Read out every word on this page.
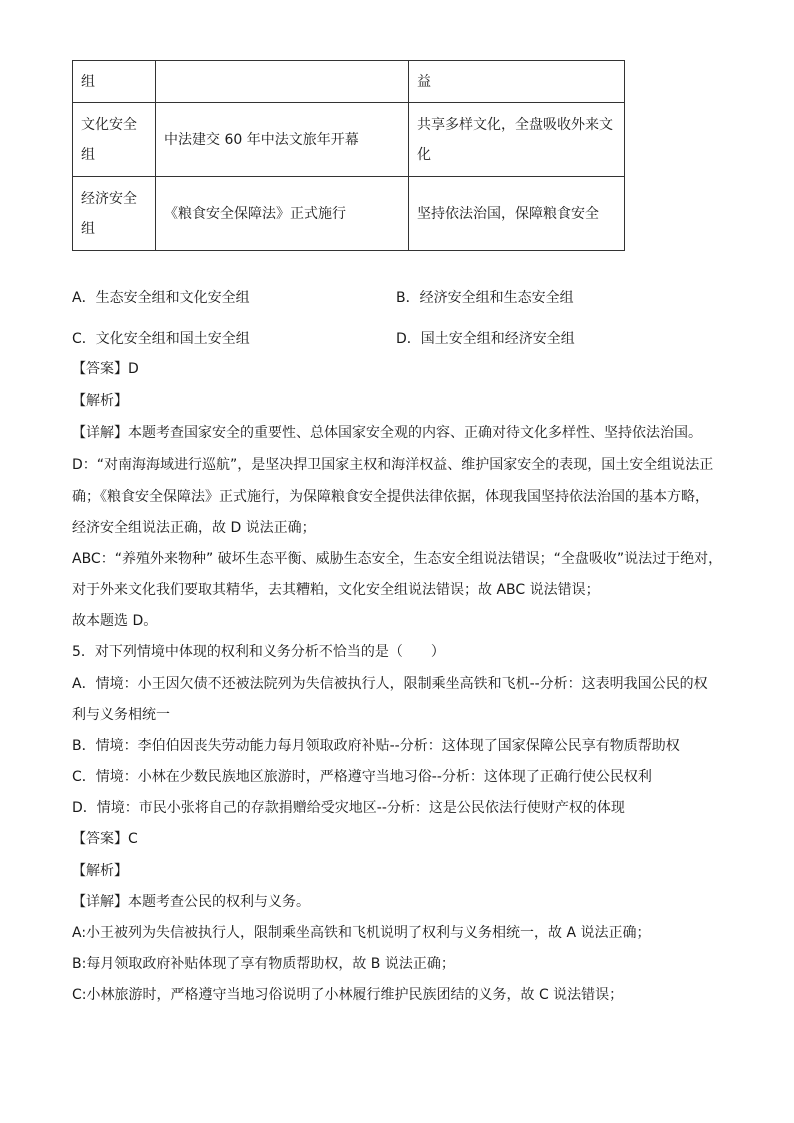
组		益
文化安全组	中法建交 60 年中法文旅年开幕	共享多样文化，全盘吸收外来文化
经济安全组	《粮食安全保障法》正式施行	坚持依法治国，保障粮食安全
A．生态安全组和文化安全组	B．经济安全组和生态安全组
C．文化安全组和国土安全组	D．国土安全组和经济安全组
【答案】D
【解析】
【详解】本题考查国家安全的重要性、总体国家安全观的内容、正确对待文化多样性、坚持依法治国。
D：“对南海海域进行巡航”，是坚决捍卫国家主权和海洋权益、维护国家安全的表现，国土安全组说法正
确；《粮食安全保障法》正式施行，为保障粮食安全提供法律依据，体现我国坚持依法治国的基本方略，
经济安全组说法正确，故 D 说法正确；
ABC：“养殖外来物种” 破坏生态平衡、威胁生态安全，生态安全组说法错误；“全盘吸收”说法过于绝对，
对于外来文化我们要取其精华，去其糟粕，文化安全组说法错误；故 ABC 说法错误；
故本题选 D。
5．对下列情境中体现的权利和义务分析不恰当的是（　　）
A．情境：小王因欠债不还被法院列为失信被执行人，限制乘坐高铁和飞机--分析：这表明我国公民的权
利与义务相统一
B．情境：李伯伯因丧失劳动能力每月领取政府补贴--分析：这体现了国家保障公民享有物质帮助权
C．情境：小林在少数民族地区旅游时，严格遵守当地习俗--分析：这体现了正确行使公民权利
D．情境：市民小张将自己的存款捐赠给受灾地区--分析：这是公民依法行使财产权的体现
【答案】C
【解析】
【详解】本题考查公民的权利与义务。
A:小王被列为失信被执行人，限制乘坐高铁和飞机说明了权利与义务相统一，故 A 说法正确；
B:每月领取政府补贴体现了享有物质帮助权，故 B 说法正确；
C:小林旅游时，严格遵守当地习俗说明了小林履行维护民族团结的义务，故 C 说法错误；
